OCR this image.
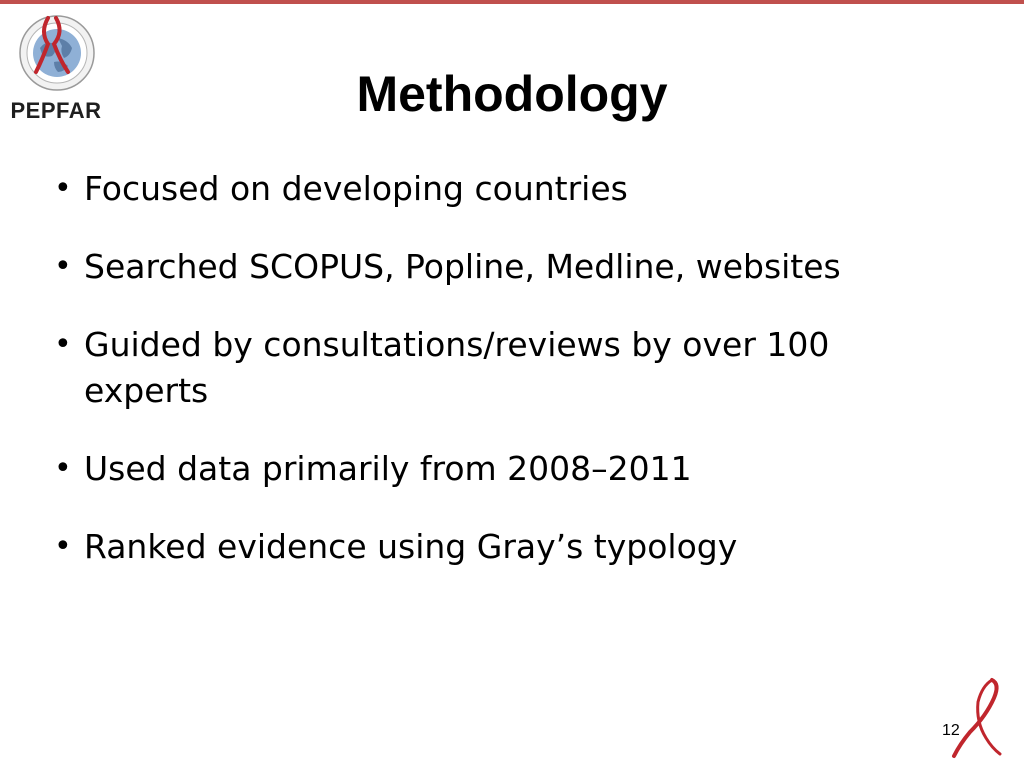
PEPFAR	Methodology
• Focused on developing countries
• Searched SCOPUS, Popline, Medline, websites
• Guided by consultations/reviews by over 100 experts
• Used data primarily from 2008–2011
• Ranked evidence using Gray’s typology
12
